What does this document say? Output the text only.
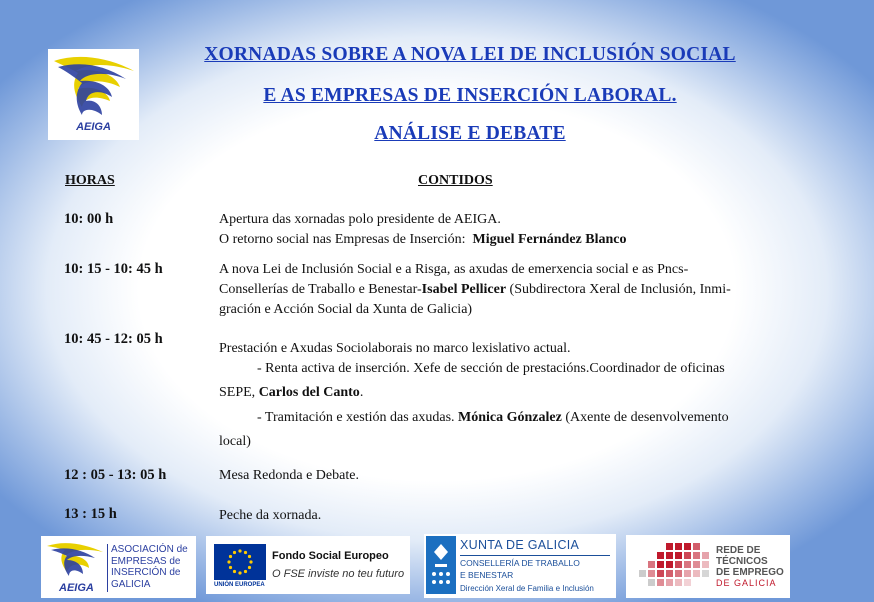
AEIGA
XORNADAS SOBRE A NOVA LEI DE INCLUSIÓN SOCIAL
E AS EMPRESAS DE INSERCIÓN LABORAL.
ANÁLISE E DEBATE
HORAS	CONTIDOS
10: 00 h	Apertura das xornadas polo presidente de AEIGA.
O retorno social nas Empresas de Inserción:  Miguel Fernández Blanco
10: 15 - 10: 45 h	A nova Lei de Inclusión Social e a Risga, as axudas de emerxencia social e as Pncs-
Consellerías de Traballo e Benestar-Isabel Pellicer (Subdirectora Xeral de Inclusión, Inmi-
gración e Acción Social da Xunta de Galicia)
10: 45 - 12: 05 h
Prestación e Axudas Sociolaborais no marco lexislativo actual.
- Renta activa de inserción. Xefe de sección de prestacións.Coordinador de oficinas
SEPE, Carlos del Canto.
- Tramitación e xestión das axudas. Mónica Gónzalez (Axente de desenvolvemento
local)
12 : 05 - 13: 05 h	Mesa Redonda e Debate.
13 : 15 h	Peche da xornada.
AEIGA
ASOCIACIÓN de
EMPRESAS de
INSERCIÓN de
GALICIA	UNIÓN EUROPEA
Fondo Social Europeo
O FSE inviste no teu futuro
XUNTA DE GALICIA
CONSELLERÍA DE TRABALLO
E BENESTAR
Dirección Xeral de Familia e Inclusión
REDE DE
TÉCNICOS
DE EMPREGO
DE GALICIA
